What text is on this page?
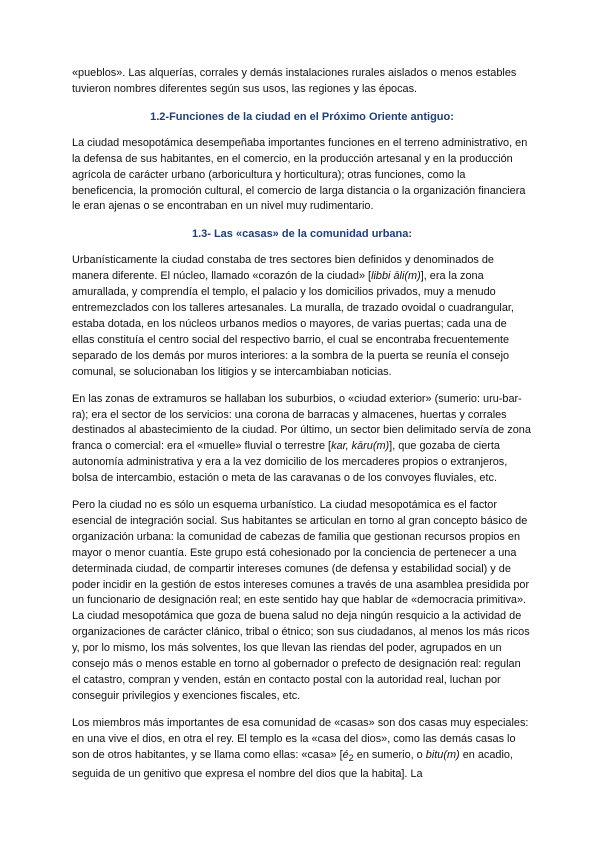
«pueblos». Las alquerías, corrales y demás instalaciones rurales aislados o menos estables tuvieron nombres diferentes según sus usos, las regiones y las épocas.

1.2-Funciones de la ciudad en el Próximo Oriente antiguo:

La ciudad mesopotámica desempeñaba importantes funciones en el terreno administrativo, en la defensa de sus habitantes, en el comercio, en la producción artesanal y en la producción agrícola de carácter urbano (arboricultura y horticultura); otras funciones, como la beneficencia, la promoción cultural, el comercio de larga distancia o la organización financiera le eran ajenas o se encontraban en un nivel muy rudimentario.

1.3- Las «casas» de la comunidad urbana:

Urbanísticamente la ciudad constaba de tres sectores bien definidos y denominados de manera diferente. El núcleo, llamado «corazón de la ciudad» [libbi āli(m)], era la zona amurallada, y comprendía el templo, el palacio y los domicilios privados, muy a menudo entremezclados con los talleres artesanales. La muralla, de trazado ovoidal o cuadrangular, estaba dotada, en los núcleos urbanos medios o mayores, de varias puertas; cada una de ellas constituía el centro social del respectivo barrio, el cual se encontraba frecuentemente separado de los demás por muros interiores: a la sombra de la puerta se reunía el consejo comunal, se solucionaban los litigios y se intercambiaban noticias.

En las zonas de extramuros se hallaban los suburbios, o «ciudad exterior» (sumerio: uru-bar-ra); era el sector de los servicios: una corona de barracas y almacenes, huertas y corrales destinados al abastecimiento de la ciudad. Por último, un sector bien delimitado servía de zona franca o comercial: era el «muelle» fluvial o terrestre [kar, kāru(m)], que gozaba de cierta autonomía administrativa y era a la vez domicilio de los mercaderes propios o extranjeros, bolsa de intercambio, estación o meta de las caravanas o de los convoyes fluviales, etc.

Pero la ciudad no es sólo un esquema urbanístico. La ciudad mesopotámica es el factor esencial de integración social. Sus habitantes se articulan en torno al gran concepto básico de organización urbana: la comunidad de cabezas de familia que gestionan recursos propios en mayor o menor cuantía. Este grupo está cohesionado por la conciencia de pertenecer a una determinada ciudad, de compartir intereses comunes (de defensa y estabilidad social) y de poder incidir en la gestión de estos intereses comunes a través de una asamblea presidida por un funcionario de designación real; en este sentido hay que hablar de «democracia primitiva». La ciudad mesopotámica que goza de buena salud no deja ningún resquicio a la actividad de organizaciones de carácter clánico, tribal o étnico; son sus ciudadanos, al menos los más ricos y, por lo mismo, los más solventes, los que llevan las riendas del poder, agrupados en un consejo más o menos estable en torno al gobernador o prefecto de designación real: regulan el catastro, compran y venden, están en contacto postal con la autoridad real, luchan por conseguir privilegios y exenciones fiscales, etc.

Los miembros más importantes de esa comunidad de «casas» son dos casas muy especiales: en una vive el dios, en otra el rey. El templo es la «casa del dios», como las demás casas lo son de otros habitantes, y se llama como ellas: «casa» [$é_2$ en sumerio, o bitu(m) en acadio, seguida de un genitivo que expresa el nombre del dios que la habita]. La
